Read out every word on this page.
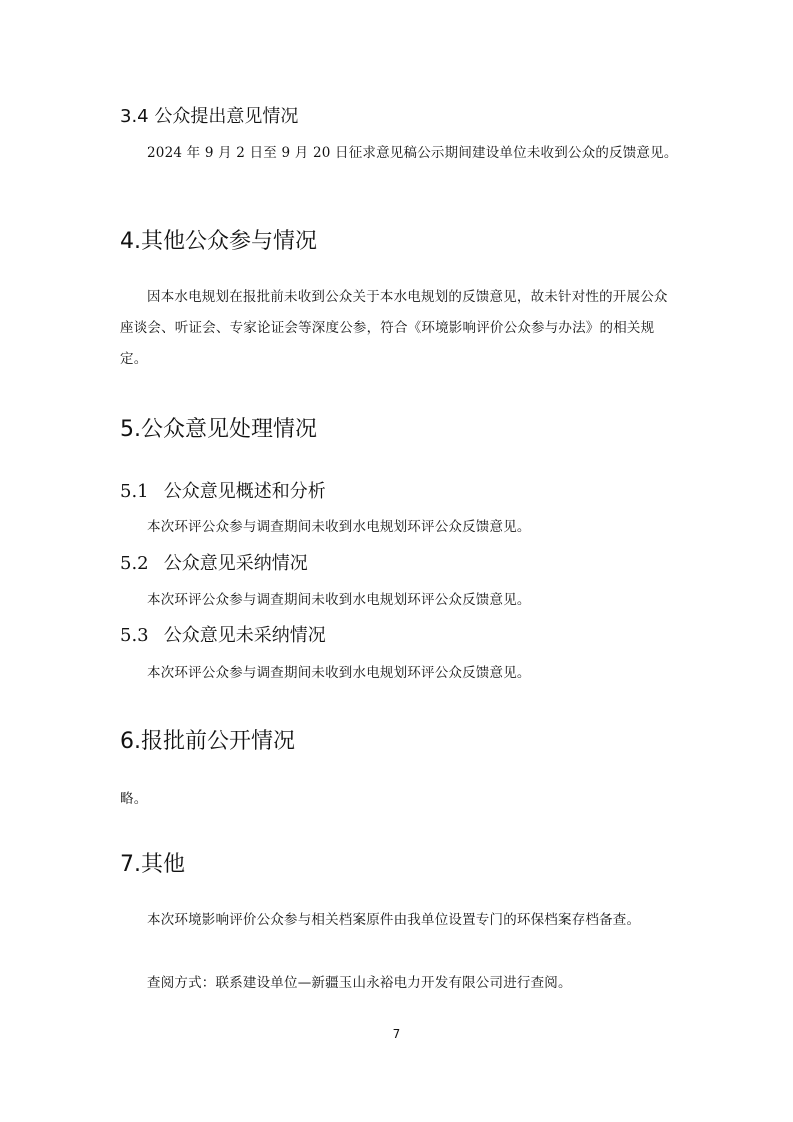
3.4 公众提出意见情况

2024 年 9 月 2 日至 9 月 20 日征求意见稿公示期间建设单位未收到公众的反馈意见。

4.其他公众参与情况

因本水电规划在报批前未收到公众关于本水电规划的反馈意见，故未针对性的开展公众座谈会、听证会、专家论证会等深度公参，符合《环境影响评价公众参与办法》的相关规定。

5.公众意见处理情况
5.1 公众意见概述和分析

本次环评公众参与调查期间未收到水电规划环评公众反馈意见。

5.2 公众意见采纳情况

本次环评公众参与调查期间未收到水电规划环评公众反馈意见。

5.3 公众意见未采纳情况

本次环评公众参与调查期间未收到水电规划环评公众反馈意见。

6.报批前公开情况

略。

7.其他

本次环境影响评价公众参与相关档案原件由我单位设置专门的环保档案存档备查。

查阅方式：联系建设单位—新疆玉山永裕电力开发有限公司进行查阅。

7
